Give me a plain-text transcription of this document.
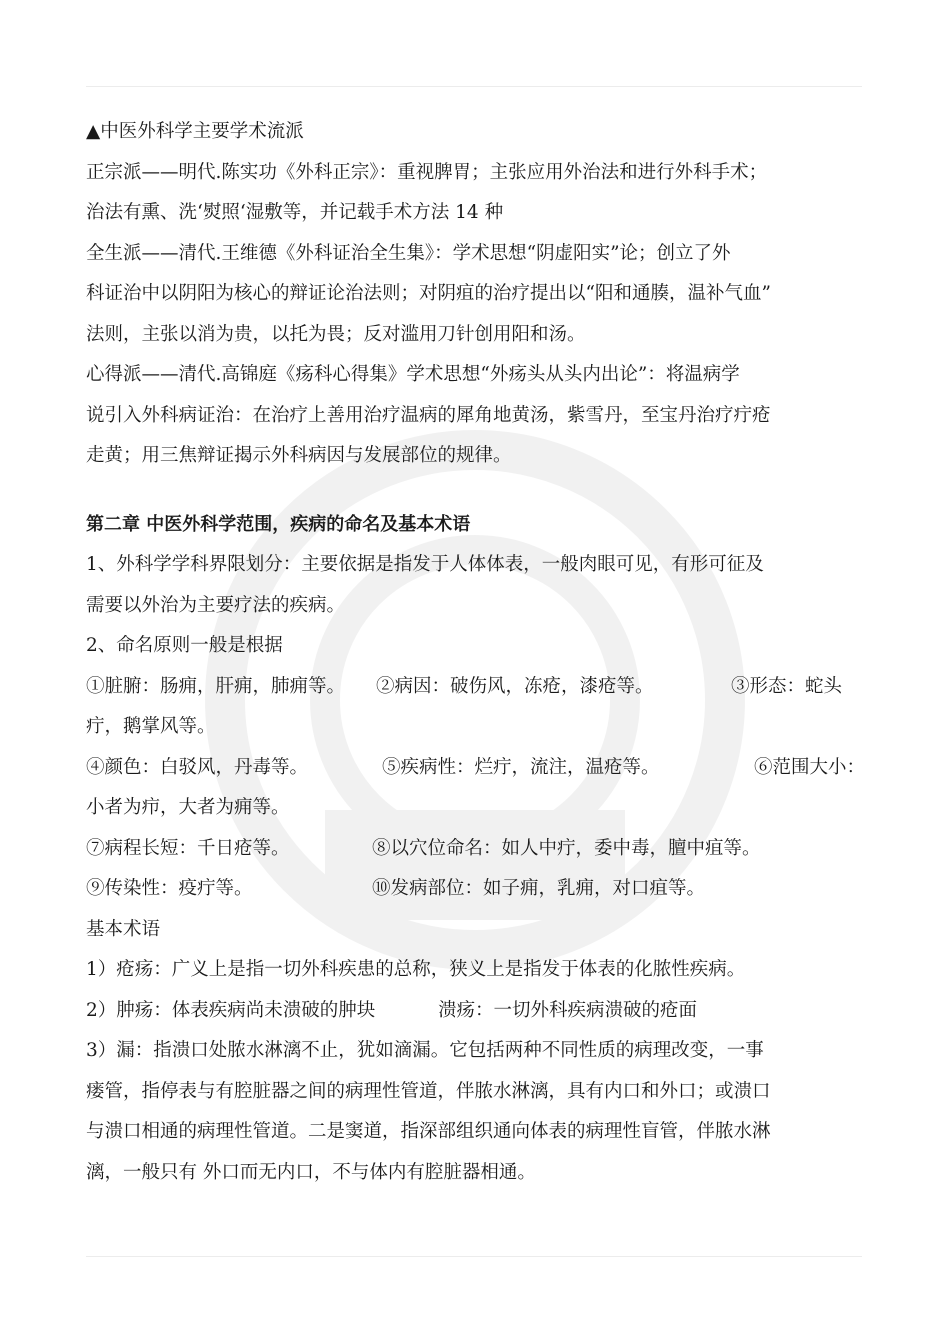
▲中医外科学主要学术流派
正宗派——明代.陈实功《外科正宗》：重视脾胃；主张应用外治法和进行外科手术；
治法有熏、洗‘熨照‘湿敷等，并记载手术方法 14 种
全生派——清代.王维德《外科证治全生集》：学术思想“阴虚阳实”论；创立了外
科证治中以阴阳为核心的辩证论治法则；对阴疽的治疗提出以“阳和通腠，温补气血”
法则，主张以消为贵，以托为畏；反对滥用刀针创用阳和汤。
心得派——清代.高锦庭《疡科心得集》学术思想“外疡头从头内出论”：将温病学
说引入外科病证治：在治疗上善用治疗温病的犀角地黄汤，紫雪丹，至宝丹治疗疔疮
走黄；用三焦辩证揭示外科病因与发展部位的规律。
第二章 中医外科学范围，疾病的命名及基本术语
1、外科学学科界限划分：主要依据是指发于人体体表，一般肉眼可见，有形可征及
需要以外治为主要疗法的疾病。
2、命名原则一般是根据
①脏腑：肠痈，肝痈，肺痈等。 ②病因：破伤风，冻疮，漆疮等。	③形态：蛇头
疔，鹅掌风等。
④颜色：白驳风，丹毒等。	⑤疾病性：烂疔，流注，温疮等。	⑥范围大小：
小者为疖，大者为痈等。
⑦病程长短：千日疮等。	⑧以穴位命名：如人中疔，委中毒，膻中疽等。
⑨传染性：疫疔等。	⑩发病部位：如子痈，乳痈，对口疽等。
基本术语
1）疮疡：广义上是指一切外科疾患的总称，狭义上是指发于体表的化脓性疾病。
2）肿疡：体表疾病尚未溃破的肿块	溃疡：一切外科疾病溃破的疮面
3）漏：指溃口处脓水淋漓不止，犹如滴漏。它包括两种不同性质的病理改变，一事
瘘管，指停表与有腔脏器之间的病理性管道，伴脓水淋漓，具有内口和外口；或溃口
与溃口相通的病理性管道。二是窦道，指深部组织通向体表的病理性盲管，伴脓水淋
漓，一般只有 外口而无内口，不与体内有腔脏器相通。
